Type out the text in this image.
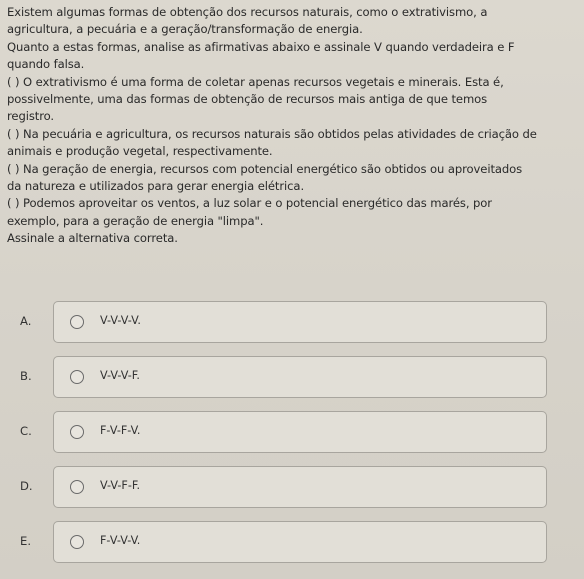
Existem algumas formas de obtenção dos recursos naturais, como o extrativismo, a

agricultura, a pecuária e a geração/transformação de energia.

Quanto a estas formas, analise as afirmativas abaixo e assinale V quando verdadeira e F

quando falsa.

( ) O extrativismo é uma forma de coletar apenas recursos vegetais e minerais. Esta é,

possivelmente, uma das formas de obtenção de recursos mais antiga de que temos

registro.

( ) Na pecuária e agricultura, os recursos naturais são obtidos pelas atividades de criação de

animais e produção vegetal, respectivamente.

( ) Na geração de energia, recursos com potencial energético são obtidos ou aproveitados

da natureza e utilizados para gerar energia elétrica.

( ) Podemos aproveitar os ventos, a luz solar e o potencial energético das marés, por

exemplo, para a geração de energia "limpa".

Assinale a alternativa correta.

A.	V-V-V-V.
B.	V-V-V-F.
C.	F-V-F-V.
D.	V-V-F-F.
E.	F-V-V-V.
